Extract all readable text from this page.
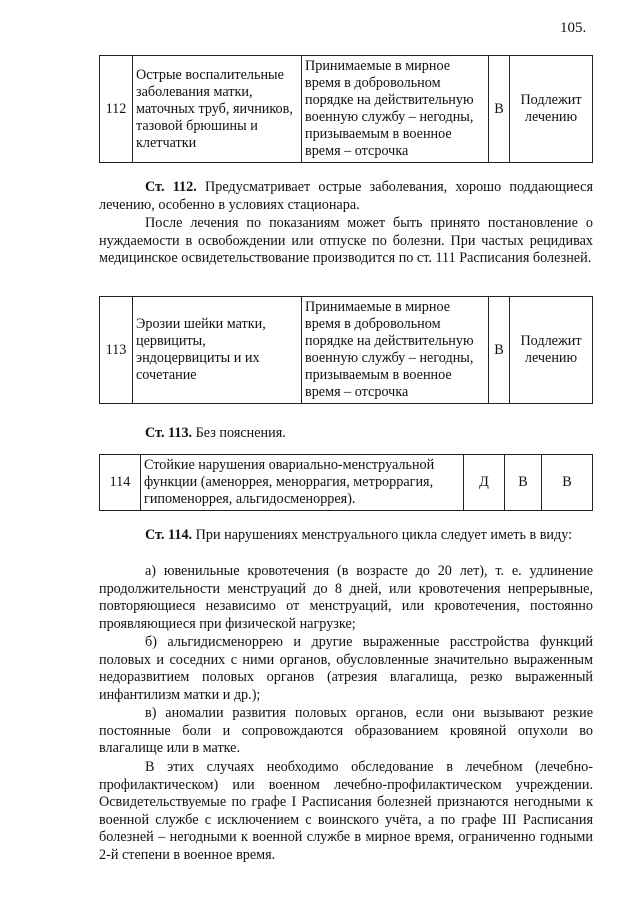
105.
112	Острые воспалительные заболевания матки, маточных труб, яичников, тазовой брюшины и клетчатки	Принимаемые в мирное время в добровольном порядке на действительную военную службу – негодны, призываемым в военное время – отсрочка	В	Подлежит лечению

Ст. 112. Предусматривает острые заболевания, хорошо поддающиеся лечению, особенно в условиях стационара.

После лечения по показаниям может быть принято постановление о нуждаемости в освобождении или отпуске по болезни. При частых рецидивах медицинское освидетельствование производится по ст. 111 Расписания болезней.

113	Эрозии шейки матки, цервициты, эндоцервициты и их сочетание	Принимаемые в мирное время в добровольном порядке на действительную военную службу – негодны, призываемым в военное время – отсрочка	В	Подлежит лечению

Ст. 113. Без пояснения.

114	Стойкие нарушения овариально-менструальной функции (аменоррея, меноррагия, метроррагия, гипоменоррея, альгидосменоррея).	Д	В	В

Ст. 114. При нарушениях менструального цикла следует иметь в виду:

а) ювенильные кровотечения (в возрасте до 20 лет), т. е. удлинение продолжительности менструаций до 8 дней, или кровотечения непрерывные, повторяющиеся независимо от менструаций, или кровотечения, постоянно проявляющиеся при физической нагрузке;

б) альгидисменоррею и другие выраженные расстройства функций половых и соседних с ними органов, обусловленные значительно выраженным недоразвитием половых органов (атрезия влагалища, резко выраженный инфантилизм матки и др.);

в) аномалии развития половых органов, если они вызывают резкие постоянные боли и сопровождаются образованием кровяной опухоли во влагалище или в матке.

В этих случаях необходимо обследование в лечебном (лечебно-профилактическом) или военном лечебно-профилактическом учреждении. Освидетельствуемые по графе I Расписания болезней признаются негодными к военной службе с исключением с воинского учёта, а по графе III Расписания болезней – негодными к военной службе в мирное время, ограниченно годными 2-й степени в военное время.
